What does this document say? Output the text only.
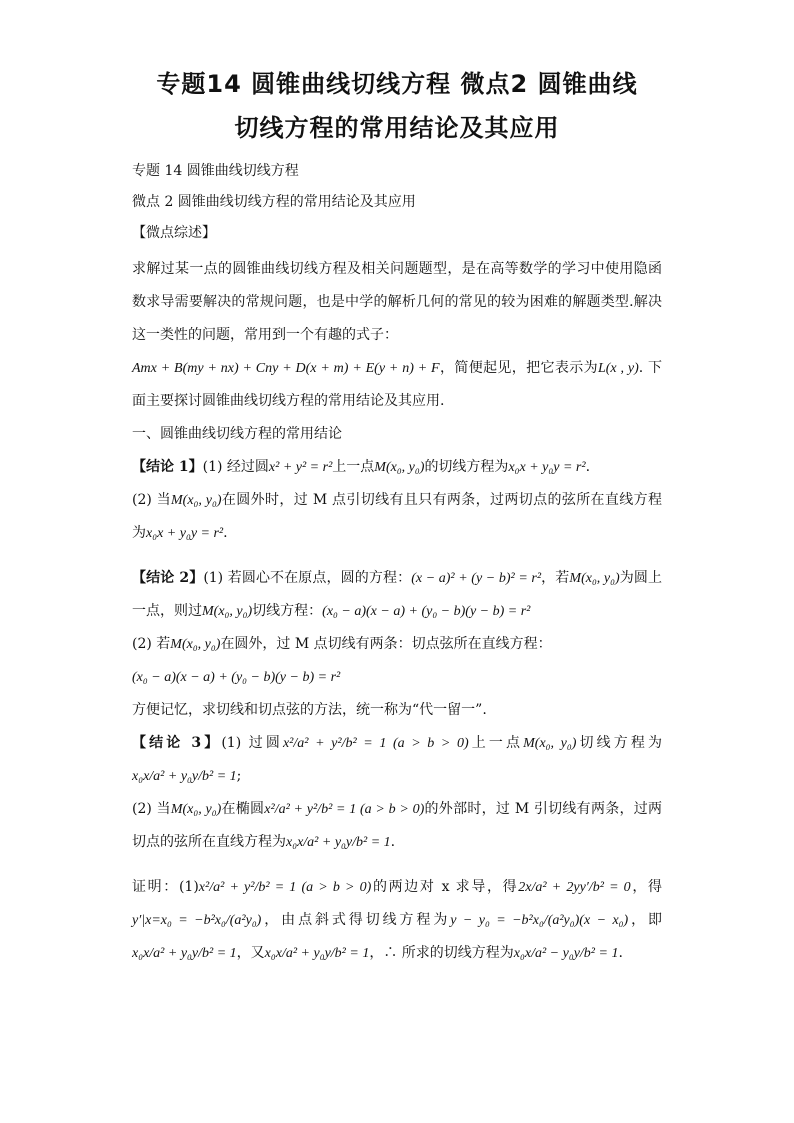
专题14 圆锥曲线切线方程 微点2 圆锥曲线
切线方程的常用结论及其应用

专题 14 圆锥曲线切线方程

微点 2 圆锥曲线切线方程的常用结论及其应用

【微点综述】

求解过某一点的圆锥曲线切线方程及相关问题题型，是在高等数学的学习中使用隐函数求导需要解决的常规问题，也是中学的解析几何的常见的较为困难的解题类型.解决这一类性的问题，常用到一个有趣的式子：

Amx + B(my + nx) + Cny + D(x + m) + E(y + n) + F，简便起见，把它表示为L(x , y). 下面主要探讨圆锥曲线切线方程的常用结论及其应用.

一、圆锥曲线切线方程的常用结论

【结论 1】(1) 经过圆x² + y² = r²上一点M(x₀, y₀)的切线方程为x₀x + y₀y = r².

(2) 当M(x₀, y₀)在圆外时，过 M 点引切线有且只有两条，过两切点的弦所在直线方程为x₀x + y₀y = r².

【结论 2】(1) 若圆心不在原点，圆的方程：(x − a)² + (y − b)² = r²，若M(x₀, y₀)为圆上一点，则过M(x₀, y₀)切线方程：(x₀ − a)(x − a) + (y₀ − b)(y − b) = r²

(2) 若M(x₀, y₀)在圆外，过 M 点切线有两条：切点弦所在直线方程：

(x₀ − a)(x − a) + (y₀ − b)(y − b) = r²

方便记忆，求切线和切点弦的方法，统一称为“代一留一”.

【结论 3】(1) 过圆x²/a² + y²/b² = 1 (a > b > 0)上一点M(x₀, y₀)切线方程为x₀x/a² + y₀y/b² = 1;

(2) 当M(x₀, y₀)在椭圆x²/a² + y²/b² = 1 (a > b > 0)的外部时，过 M 引切线有两条，过两切点的弦所在直线方程为x₀x/a² + y₀y/b² = 1.

证明：(1)x²/a² + y²/b² = 1 (a > b > 0)的两边对 x 求导，得2x/a² + 2yy′/b² = 0，得y′|x=x₀ = −b²x₀/(a²y₀)，由点斜式得切线方程为y − y₀ = −b²x₀/(a²y₀)(x − x₀)，即x₀x/a² + y₀y/b² = 1，又x₀x/a² + y₀y/b² = 1，∴ 所求的切线方程为x₀x/a² − y₀y/b² = 1.
